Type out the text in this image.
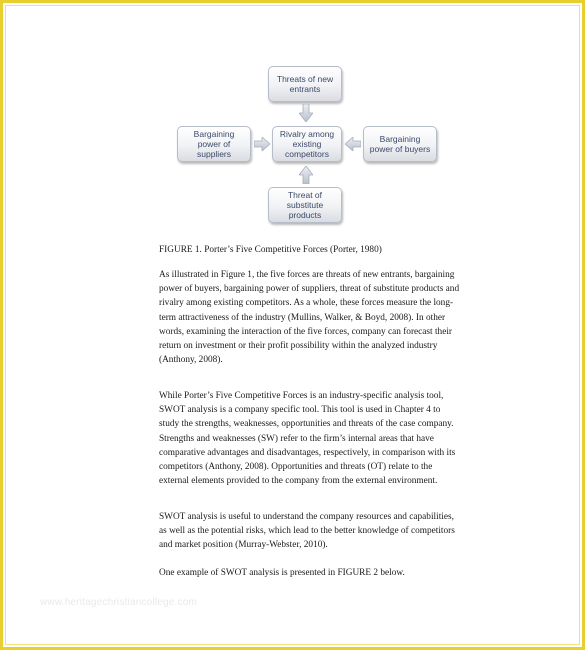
Threats of new entrants
Bargaining power of suppliers
Rivalry among existing competitors
Bargaining power of buyers
Threat of substitute products
FIGURE 1. Porter’s Five Competitive Forces (Porter, 1980)

As illustrated in Figure 1, the five forces are threats of new entrants, bargaining power of buyers, bargaining power of suppliers, threat of substitute products and rivalry among existing competitors. As a whole, these forces measure the long-term attractiveness of the industry (Mullins, Walker, & Boyd, 2008). In other words, examining the interaction of the five forces, company can forecast their return on investment or their profit possibility within the analyzed industry (Anthony, 2008).

While Porter’s Five Competitive Forces is an industry-specific analysis tool, SWOT analysis is a company specific tool. This tool is used in Chapter 4 to study the strengths, weaknesses, opportunities and threats of the case company. Strengths and weaknesses (SW) refer to the firm’s internal areas that have comparative advantages and disadvantages, respectively, in comparison with its competitors (Anthony, 2008). Opportunities and threats (OT) relate to the external elements provided to the company from the external environment.

SWOT analysis is useful to understand the company resources and capabilities, as well as the potential risks, which lead to the better knowledge of competitors and market position (Murray-Webster, 2010).

One example of SWOT analysis is presented in FIGURE 2 below.

www.heritagechristiancollege.com
